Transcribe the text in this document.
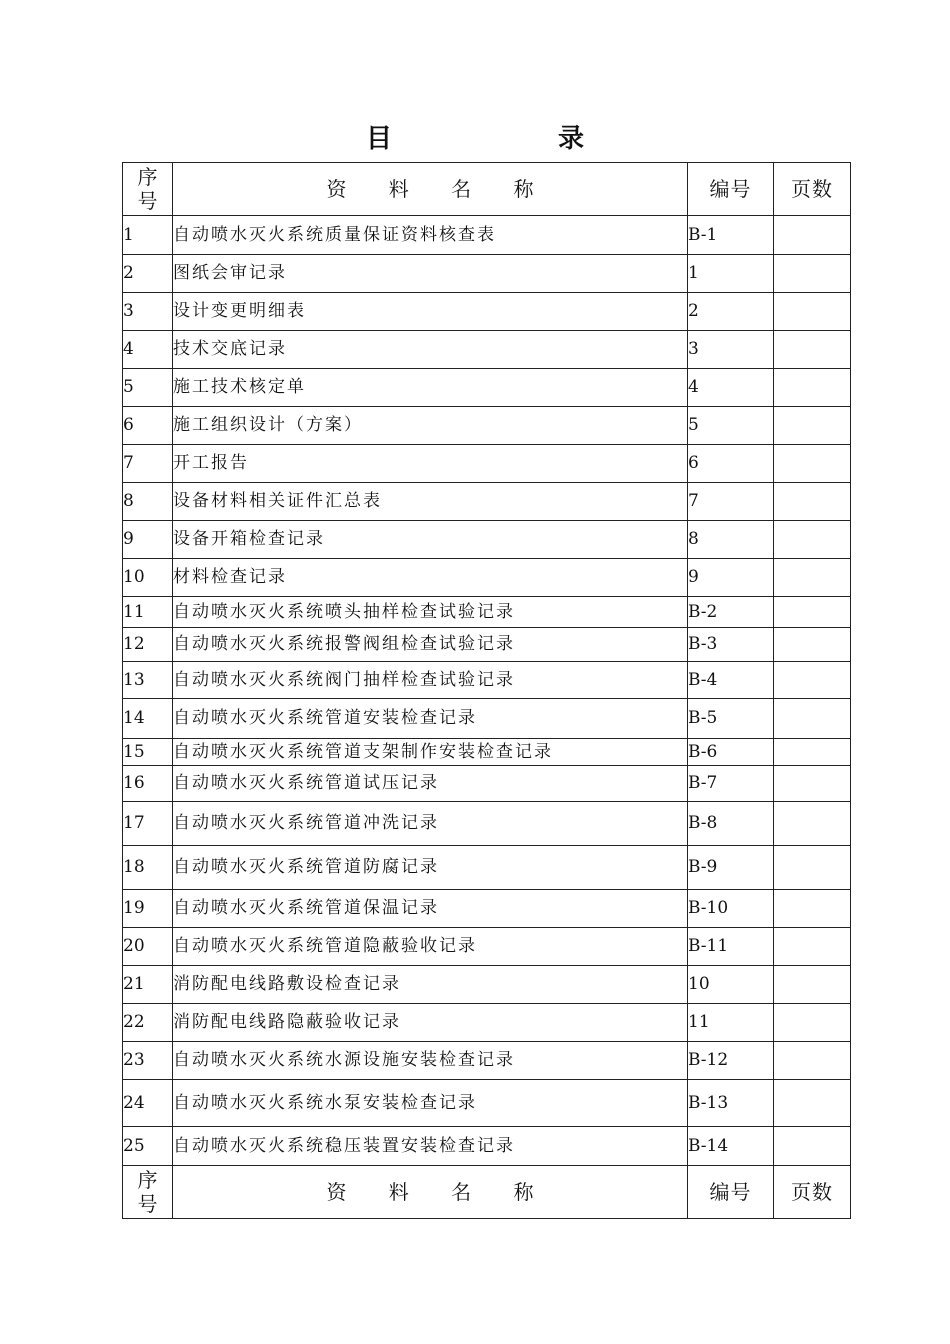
目　录
序
号	资 料 名 称	编号	页数
1	自动喷水灭火系统质量保证资料核查表	B-1	
2	图纸会审记录	1	
3	设计变更明细表	2	
4	技术交底记录	3	
5	施工技术核定单	4	
6	施工组织设计（方案）	5	
7	开工报告	6	
8	设备材料相关证件汇总表	7	
9	设备开箱检查记录	8	
10	材料检查记录	9	
11	自动喷水灭火系统喷头抽样检查试验记录	B-2	
12	自动喷水灭火系统报警阀组检查试验记录	B-3	
13	自动喷水灭火系统阀门抽样检查试验记录	B-4	
14	自动喷水灭火系统管道安装检查记录	B-5	
15	自动喷水灭火系统管道支架制作安装检查记录	B-6	
16	自动喷水灭火系统管道试压记录	B-7	
17	自动喷水灭火系统管道冲洗记录	B-8	
18	自动喷水灭火系统管道防腐记录	B-9	
19	自动喷水灭火系统管道保温记录	B-10	
20	自动喷水灭火系统管道隐蔽验收记录	B-11	
21	消防配电线路敷设检查记录	10	
22	消防配电线路隐蔽验收记录	11	
23	自动喷水灭火系统水源设施安装检查记录	B-12	
24	自动喷水灭火系统水泵安装检查记录	B-13	
25	自动喷水灭火系统稳压装置安装检查记录	B-14	
序
号	资 料 名 称	编号	页数
